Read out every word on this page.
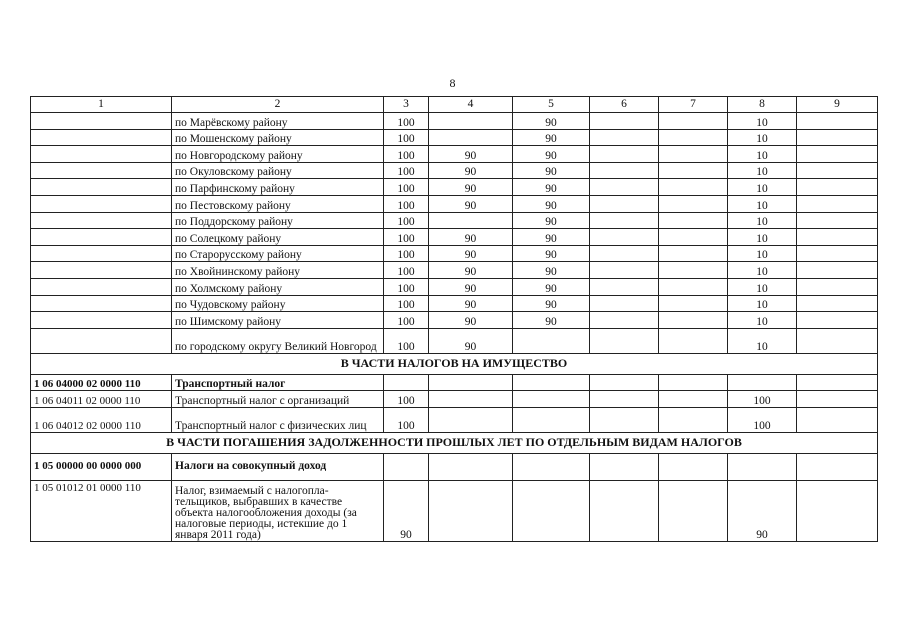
8
1	2	3	4	5	6	7	8	9
	по Марёвскому району	100		90			10	
	по Мошенскому району	100		90			10	
	по Новгородскому району	100	90	90			10	
	по Окуловскому району	100	90	90			10	
	по Парфинскому району	100	90	90			10	
	по Пестовскому району	100	90	90			10	
	по Поддорскому району	100		90			10	
	по Солецкому району	100	90	90			10	
	по Старорусскому району	100	90	90			10	
	по Хвойнинскому району	100	90	90			10	
	по Холмскому району	100	90	90			10	
	по Чудовскому району	100	90	90			10	
	по Шимскому району	100	90	90			10	
	по городскому округу Великий Новгород	100	90				10	
В ЧАСТИ НАЛОГОВ НА ИМУЩЕСТВО								
1 06 04000 02 0000 110	Транспортный налог							
1 06 04011 02 0000 110	Транспортный налог с организаций	100					100	
1 06 04012 02 0000 110	Транспортный налог с физических лиц	100					100	
В ЧАСТИ ПОГАШЕНИЯ ЗАДОЛЖЕННОСТИ ПРОШЛЫХ ЛЕТ ПО ОТДЕЛЬНЫМ ВИДАМ НАЛОГОВ								
1 05 00000 00 0000 000	Налоги на совокупный доход							
1 05 01012 01 0000 110	Налог, взимаемый с налогопла-тельщиков, выбравших в качестве объекта налогообложения доходы (за налоговые периоды, истекшие до 1 января 2011 года)	90					90	
